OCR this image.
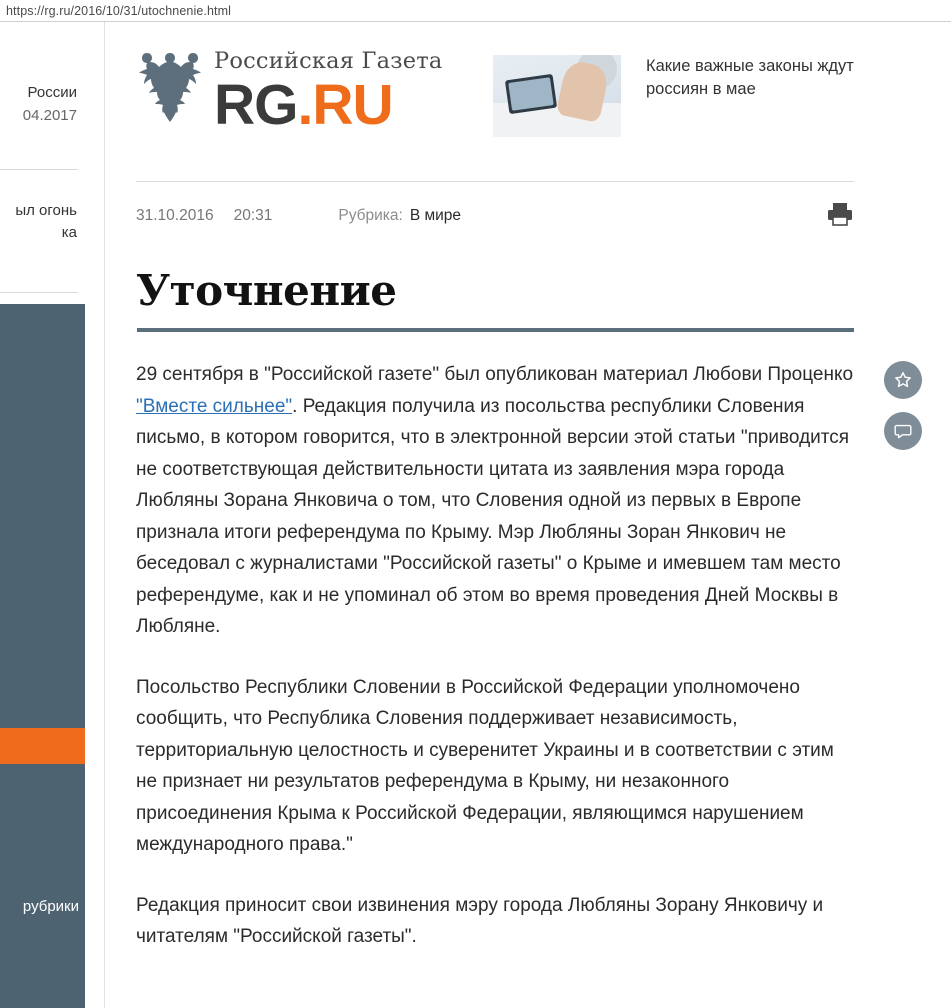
https://rg.ru/2016/10/31/utochnenie.html
России
04.2017
ыл огонь
ка
рубрики
Российская Газета
RG.RU
Какие важные законы ждут россиян в мае
31.10.2016 20:31	Рубрика: В мире
Уточнение

29 сентября в "Российской газете" был опубликован материал Любови Проценко "Вместе сильнее". Редакция получила из посольства республики Словения письмо, в котором говорится, что в электронной версии этой статьи "приводится не соответствующая действительности цитата из заявления мэра города Любляны Зорана Янковича о том, что Словения одной из первых в Европе признала итоги референдума по Крыму. Мэр Любляны Зоран Янкович не беседовал с журналистами "Российской газеты" о Крыме и имевшем там место референдуме, как и не упоминал об этом во время проведения Дней Москвы в Любляне.

Посольство Республики Словении в Российской Федерации уполномочено сообщить, что Республика Словения поддерживает независимость, территориальную целостность и суверенитет Украины и в соответствии с этим не признает ни результатов референдума в Крыму, ни незаконного присоединения Крыма к Российской Федерации, являющимся нарушением международного права."

Редакция приносит свои извинения мэру города Любляны Зорану Янковичу и читателям "Российской газеты".
